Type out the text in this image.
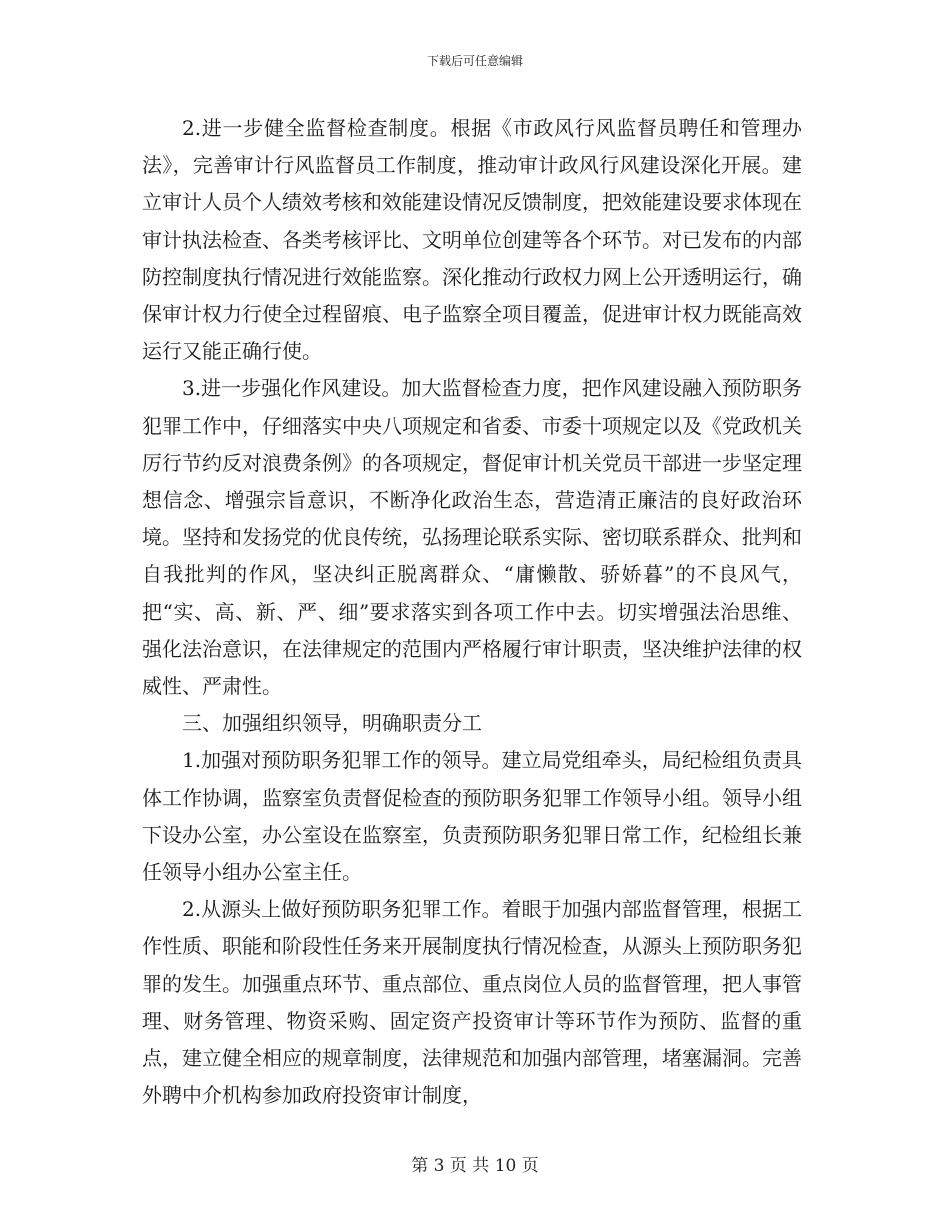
下载后可任意编辑

2.进一步健全监督检查制度。根据《市政风行风监督员聘任和管理办法》，完善审计行风监督员工作制度，推动审计政风行风建设深化开展。建立审计人员个人绩效考核和效能建设情况反馈制度，把效能建设要求体现在审计执法检查、各类考核评比、文明单位创建等各个环节。对已发布的内部防控制度执行情况进行效能监察。深化推动行政权力网上公开透明运行，确保审计权力行使全过程留痕、电子监察全项目覆盖，促进审计权力既能高效运行又能正确行使。

3.进一步强化作风建设。加大监督检查力度，把作风建设融入预防职务犯罪工作中，仔细落实中央八项规定和省委、市委十项规定以及《党政机关厉行节约反对浪费条例》的各项规定，督促审计机关党员干部进一步坚定理想信念、增强宗旨意识，不断净化政治生态，营造清正廉洁的良好政治环境。坚持和发扬党的优良传统，弘扬理论联系实际、密切联系群众、批判和自我批判的作风，坚决纠正脱离群众、“庸懒散、骄娇暮”的不良风气，把“实、高、新、严、细”要求落实到各项工作中去。切实增强法治思维、强化法治意识，在法律规定的范围内严格履行审计职责，坚决维护法律的权威性、严肃性。

三、加强组织领导，明确职责分工

1.加强对预防职务犯罪工作的领导。建立局党组牵头，局纪检组负责具体工作协调，监察室负责督促检查的预防职务犯罪工作领导小组。领导小组下设办公室，办公室设在监察室，负责预防职务犯罪日常工作，纪检组长兼任领导小组办公室主任。

2.从源头上做好预防职务犯罪工作。着眼于加强内部监督管理，根据工作性质、职能和阶段性任务来开展制度执行情况检查，从源头上预防职务犯罪的发生。加强重点环节、重点部位、重点岗位人员的监督管理，把人事管理、财务管理、物资采购、固定资产投资审计等环节作为预防、监督的重点，建立健全相应的规章制度，法律规范和加强内部管理，堵塞漏洞。完善外聘中介机构参加政府投资审计制度，

第 3 页 共 10 页
